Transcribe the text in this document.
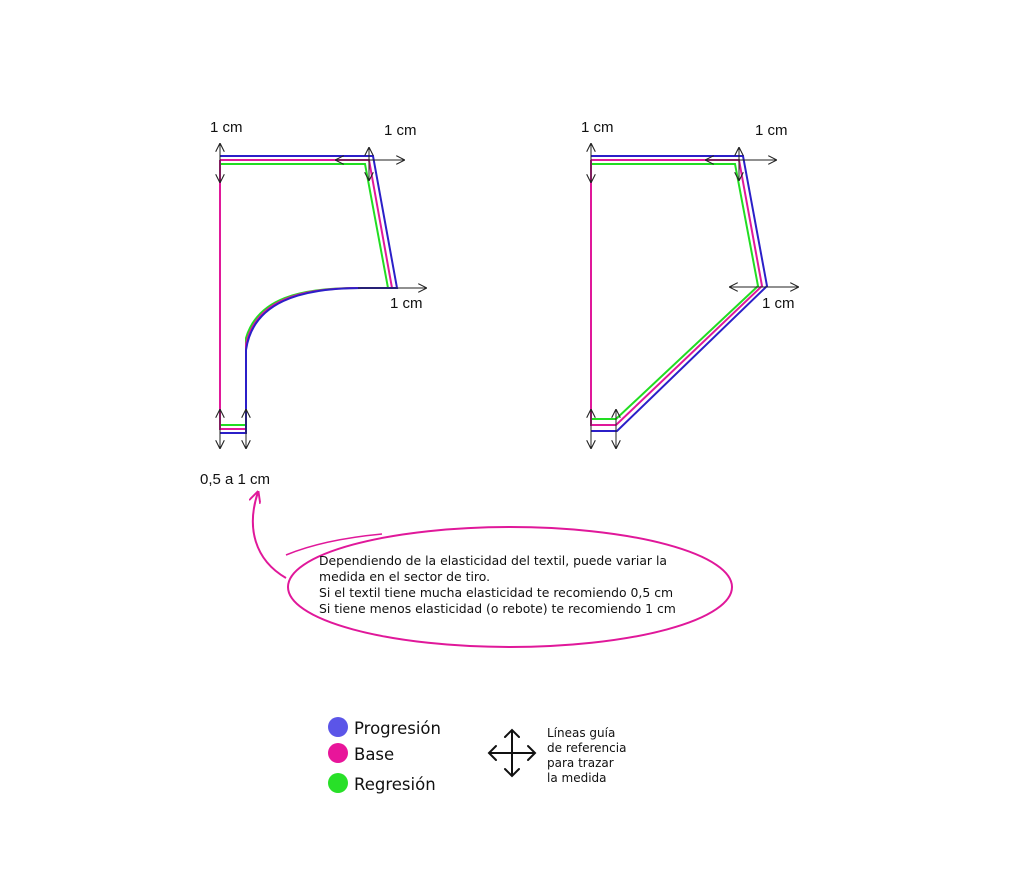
1 cm	1 cm
1 cm
0,5 a 1 cm
1 cm	1 cm
1 cm
Dependiendo de la elasticidad del textil, puede variar la
medida en el sector de tiro.
Si el textil tiene mucha elasticidad te recomiendo 0,5 cm
Si tiene menos elasticidad (o rebote) te recomiendo 1 cm
Progresión
Base
Regresión
Líneas guía
de referencia
para trazar
la medida
